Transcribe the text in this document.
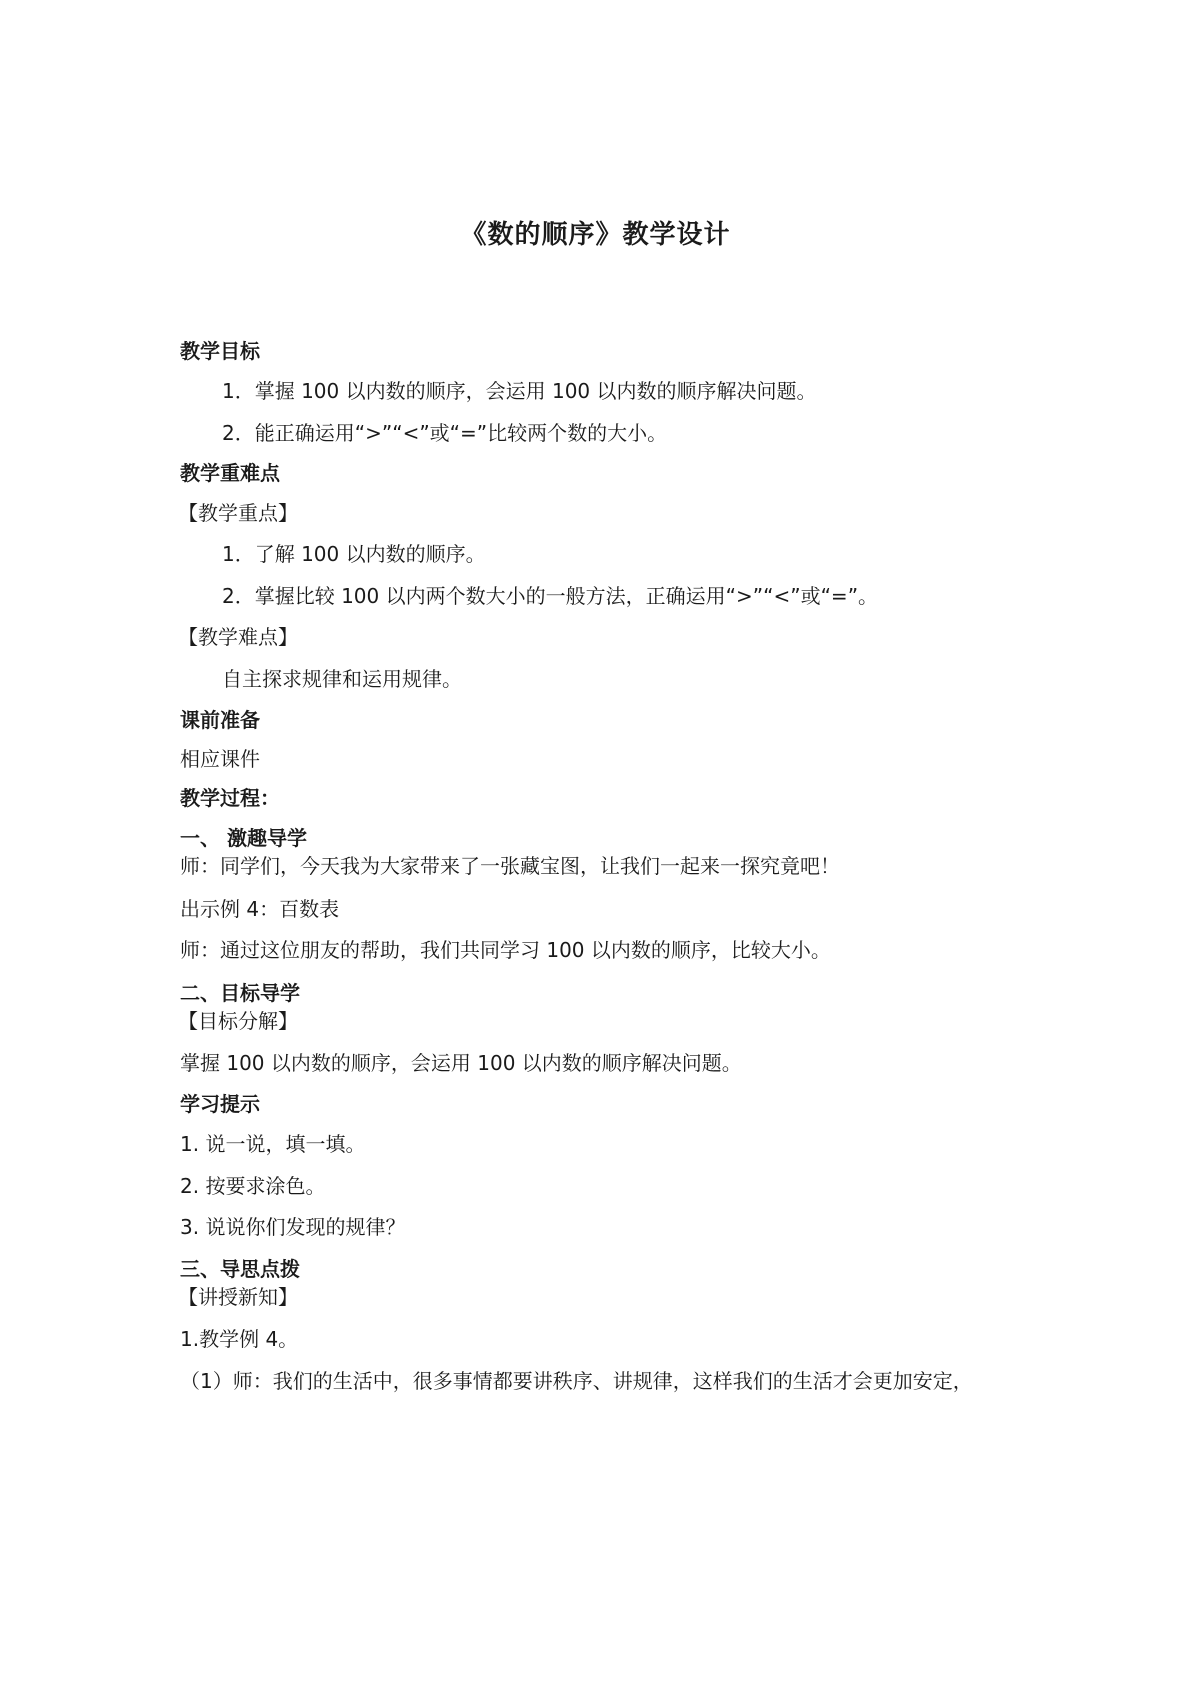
《数的顺序》教学设计
教学目标
1．掌握 100 以内数的顺序，会运用 100 以内数的顺序解决问题。
2．能正确运用“>”“<”或“=”比较两个数的大小。
教学重难点
【教学重点】
1．了解 100 以内数的顺序。
2．掌握比较 100 以内两个数大小的一般方法，正确运用“>”“<”或“=”。
【教学难点】
自主探求规律和运用规律。
课前准备
相应课件
教学过程：
一、 激趣导学
师：同学们，今天我为大家带来了一张藏宝图，让我们一起来一探究竟吧！
出示例 4：百数表
师：通过这位朋友的帮助，我们共同学习 100 以内数的顺序，比较大小。
二、目标导学
【目标分解】
掌握 100 以内数的顺序，会运用 100 以内数的顺序解决问题。
学习提示
1. 说一说，填一填。
2. 按要求涂色。
3. 说说你们发现的规律？
三、导思点拨
【讲授新知】
1.教学例 4。
（1）师：我们的生活中，很多事情都要讲秩序、讲规律，这样我们的生活才会更加安定，
